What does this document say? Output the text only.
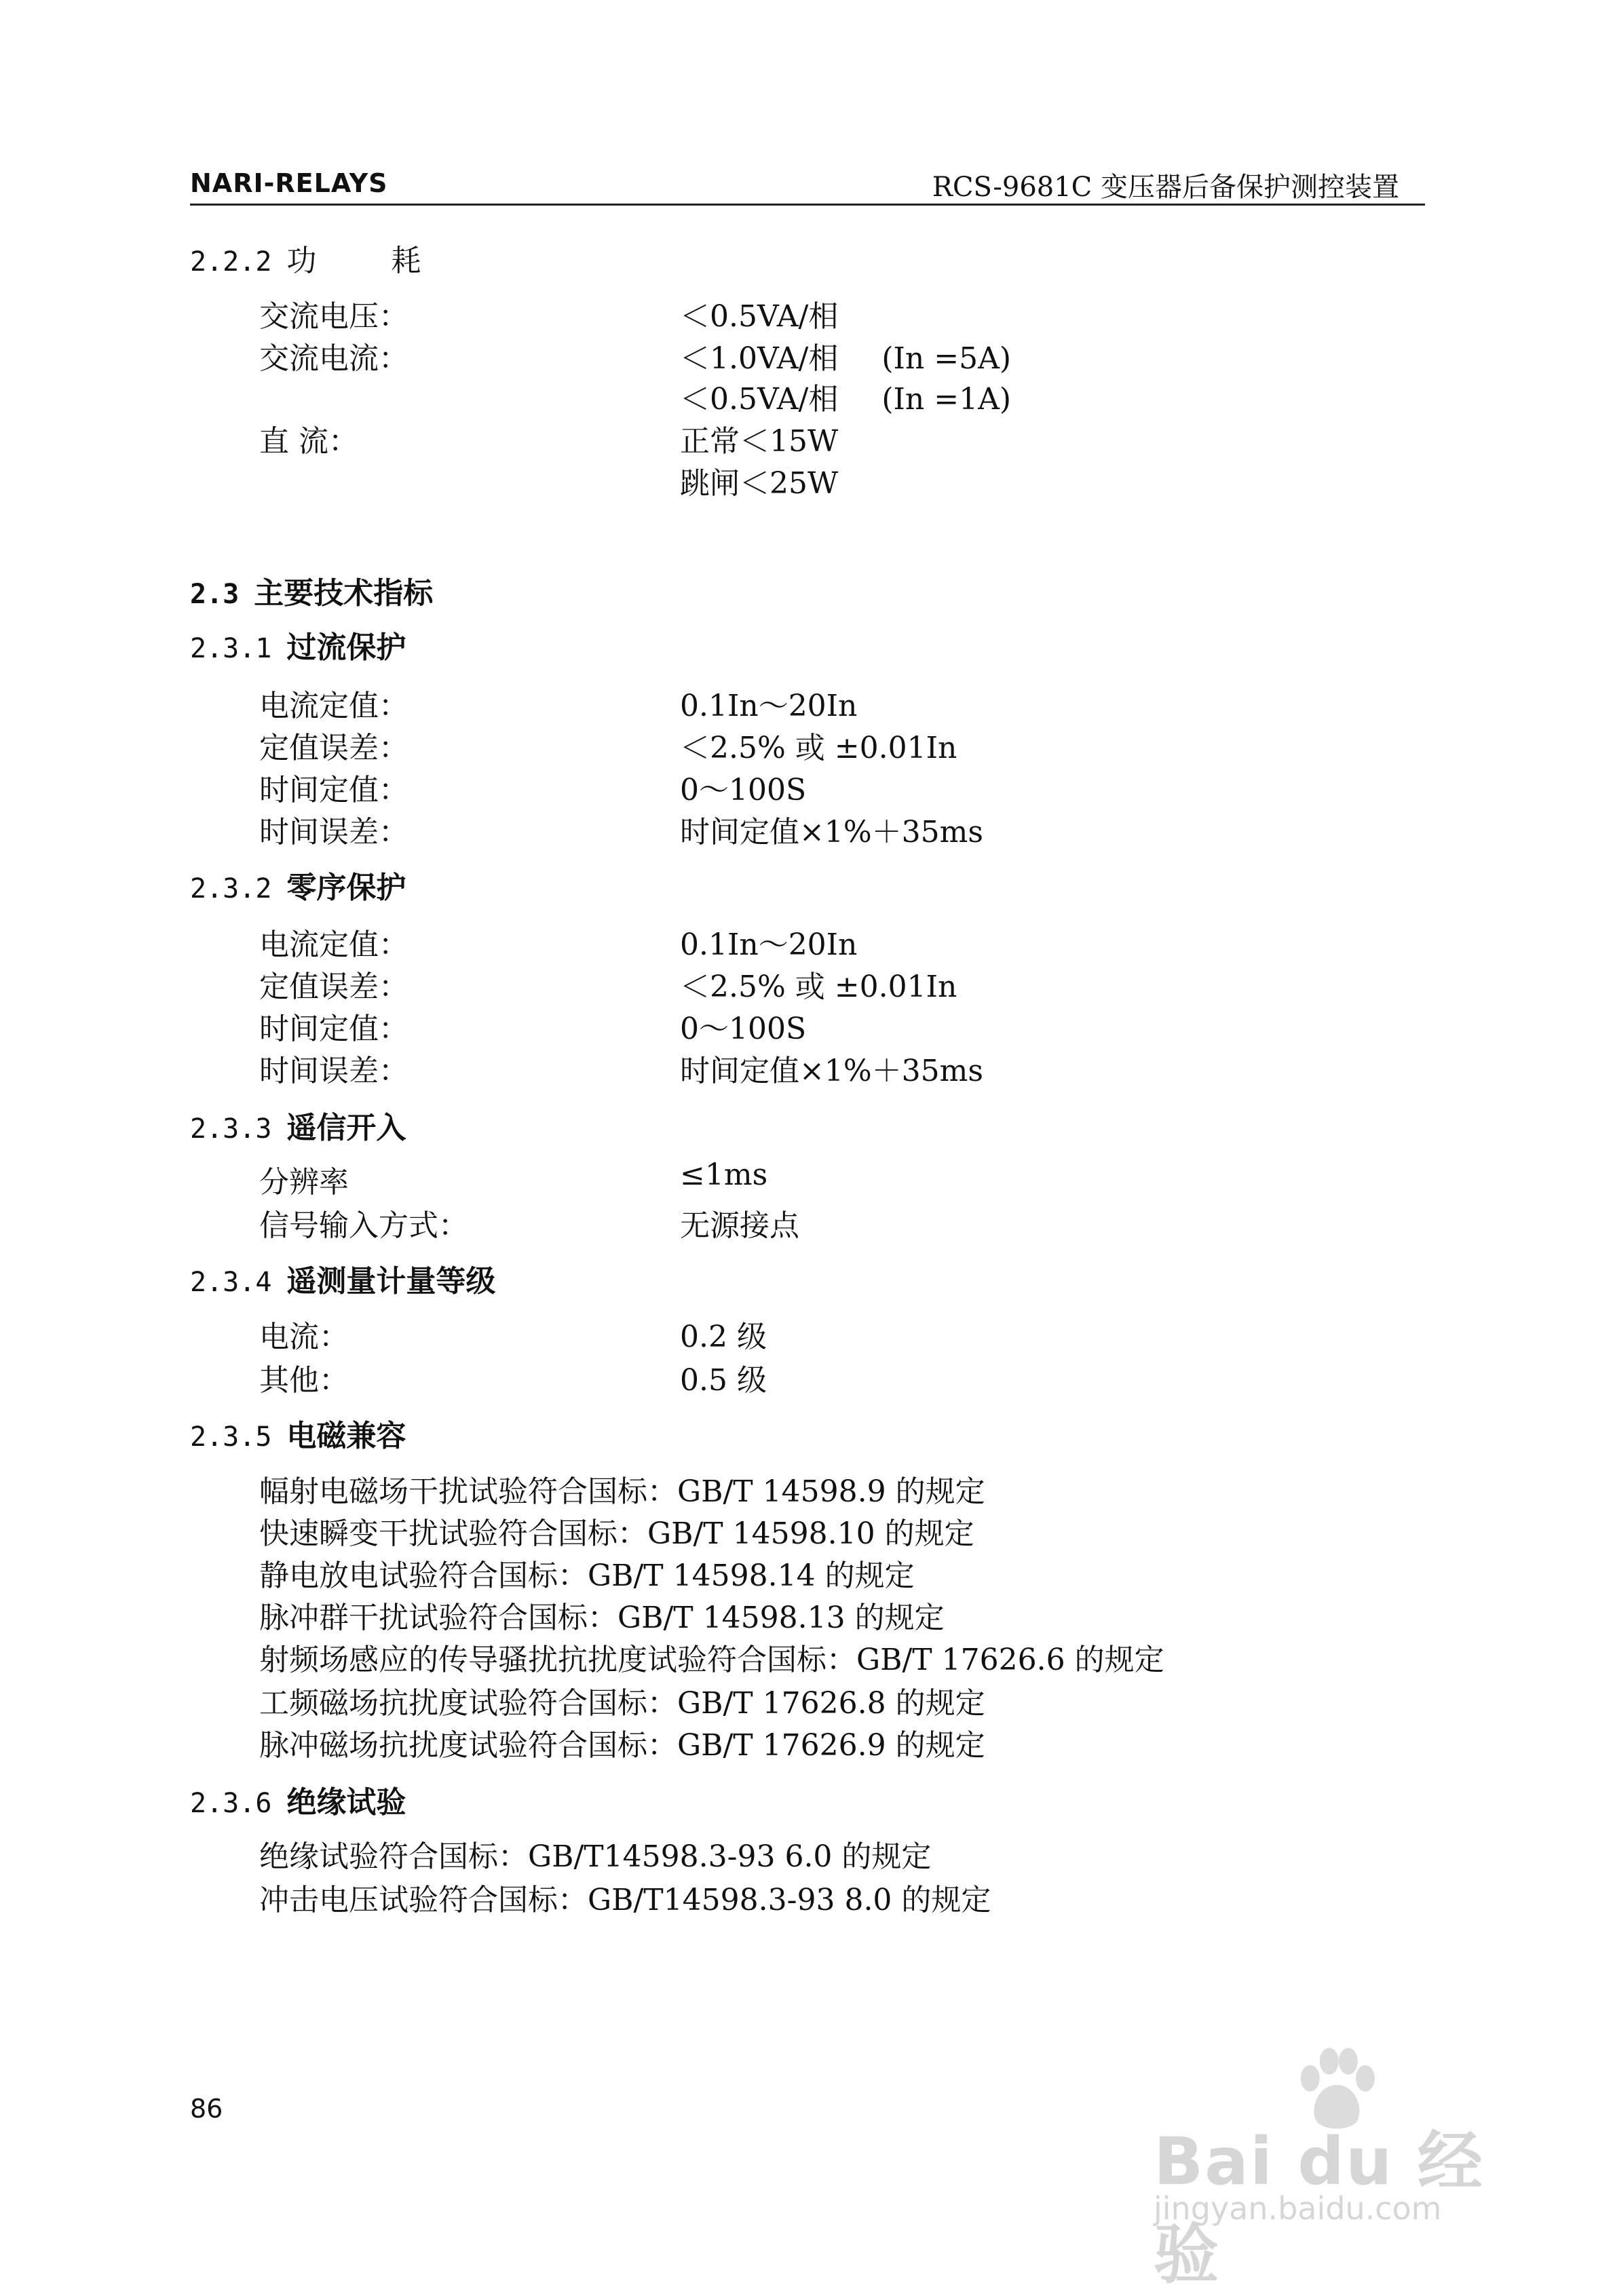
NARI-RELAYS	RCS-9681C 变压器后备保护测控装置
2.2.2 功	耗
交流电压：	＜0.5VA/相
交流电流：	＜1.0VA/相 (In =5A)
＜0.5VA/相 (In =1A)
直 流：	正常＜15W
跳闸＜25W
2.3 主要技术指标
2.3.1 过流保护
电流定值：	0.1In～20In
定值误差：	＜2.5% 或 ±0.01In
时间定值：	0～100S
时间误差：	时间定值×1%＋35ms
2.3.2 零序保护
电流定值：	0.1In～20In
定值误差：	＜2.5% 或 ±0.01In
时间定值：	0～100S
时间误差：	时间定值×1%＋35ms
2.3.3 遥信开入
分辨率	≤1ms
信号输入方式：	无源接点
2.3.4 遥测量计量等级
电流：	0.2 级
其他：	0.5 级
2.3.5 电磁兼容
幅射电磁场干扰试验符合国标：GB/T 14598.9 的规定
快速瞬变干扰试验符合国标：GB/T 14598.10 的规定
静电放电试验符合国标：GB/T 14598.14 的规定
脉冲群干扰试验符合国标：GB/T 14598.13 的规定
射频场感应的传导骚扰抗扰度试验符合国标：GB/T 17626.6 的规定
工频磁场抗扰度试验符合国标：GB/T 17626.8 的规定
脉冲磁场抗扰度试验符合国标：GB/T 17626.9 的规定
2.3.6 绝缘试验
绝缘试验符合国标：GB/T14598.3-93 6.0 的规定
冲击电压试验符合国标：GB/T14598.3-93 8.0 的规定
86
Bai du 经验
jingyan.baidu.com
